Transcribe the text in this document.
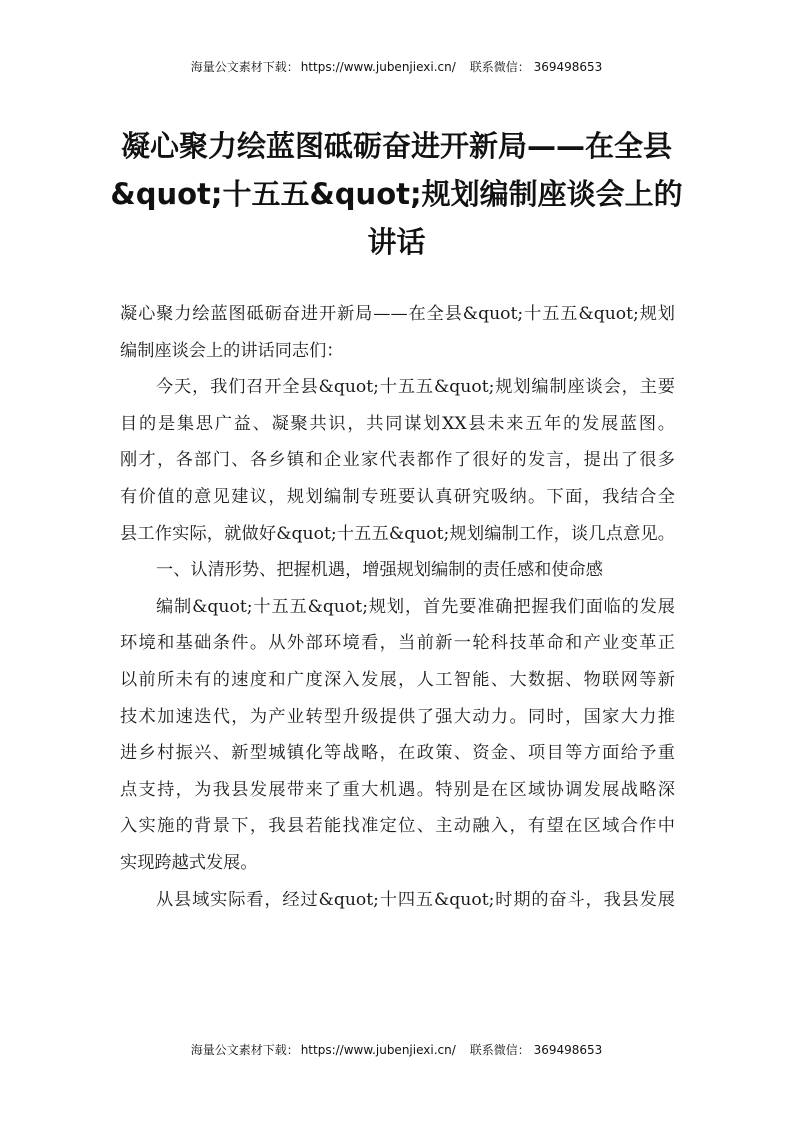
海量公文素材下载： https://www.jubenjiexi.cn/ 联系微信： 369498653
凝心聚力绘蓝图砥砺奋进开新局——在全县
&quot;十五五&quot;规划编制座谈会上的
讲话
凝心聚力绘蓝图砥砺奋进开新局——在全县&quot;十五五&quot;规划
编制座谈会上的讲话同志们：
今天，我们召开全县&quot;十五五&quot;规划编制座谈会，主要
目的是集思广益、凝聚共识，共同谋划XX县未来五年的发展蓝图。
刚才，各部门、各乡镇和企业家代表都作了很好的发言，提出了很多
有价值的意见建议，规划编制专班要认真研究吸纳。下面，我结合全
县工作实际，就做好&quot;十五五&quot;规划编制工作，谈几点意见。
一、认清形势、把握机遇，增强规划编制的责任感和使命感
编制&quot;十五五&quot;规划，首先要准确把握我们面临的发展
环境和基础条件。从外部环境看，当前新一轮科技革命和产业变革正
以前所未有的速度和广度深入发展，人工智能、大数据、物联网等新
技术加速迭代，为产业转型升级提供了强大动力。同时，国家大力推
进乡村振兴、新型城镇化等战略，在政策、资金、项目等方面给予重
点支持，为我县发展带来了重大机遇。特别是在区域协调发展战略深
入实施的背景下，我县若能找准定位、主动融入，有望在区域合作中
实现跨越式发展。
从县域实际看，经过&quot;十四五&quot;时期的奋斗，我县发展
海量公文素材下载： https://www.jubenjiexi.cn/ 联系微信： 369498653
